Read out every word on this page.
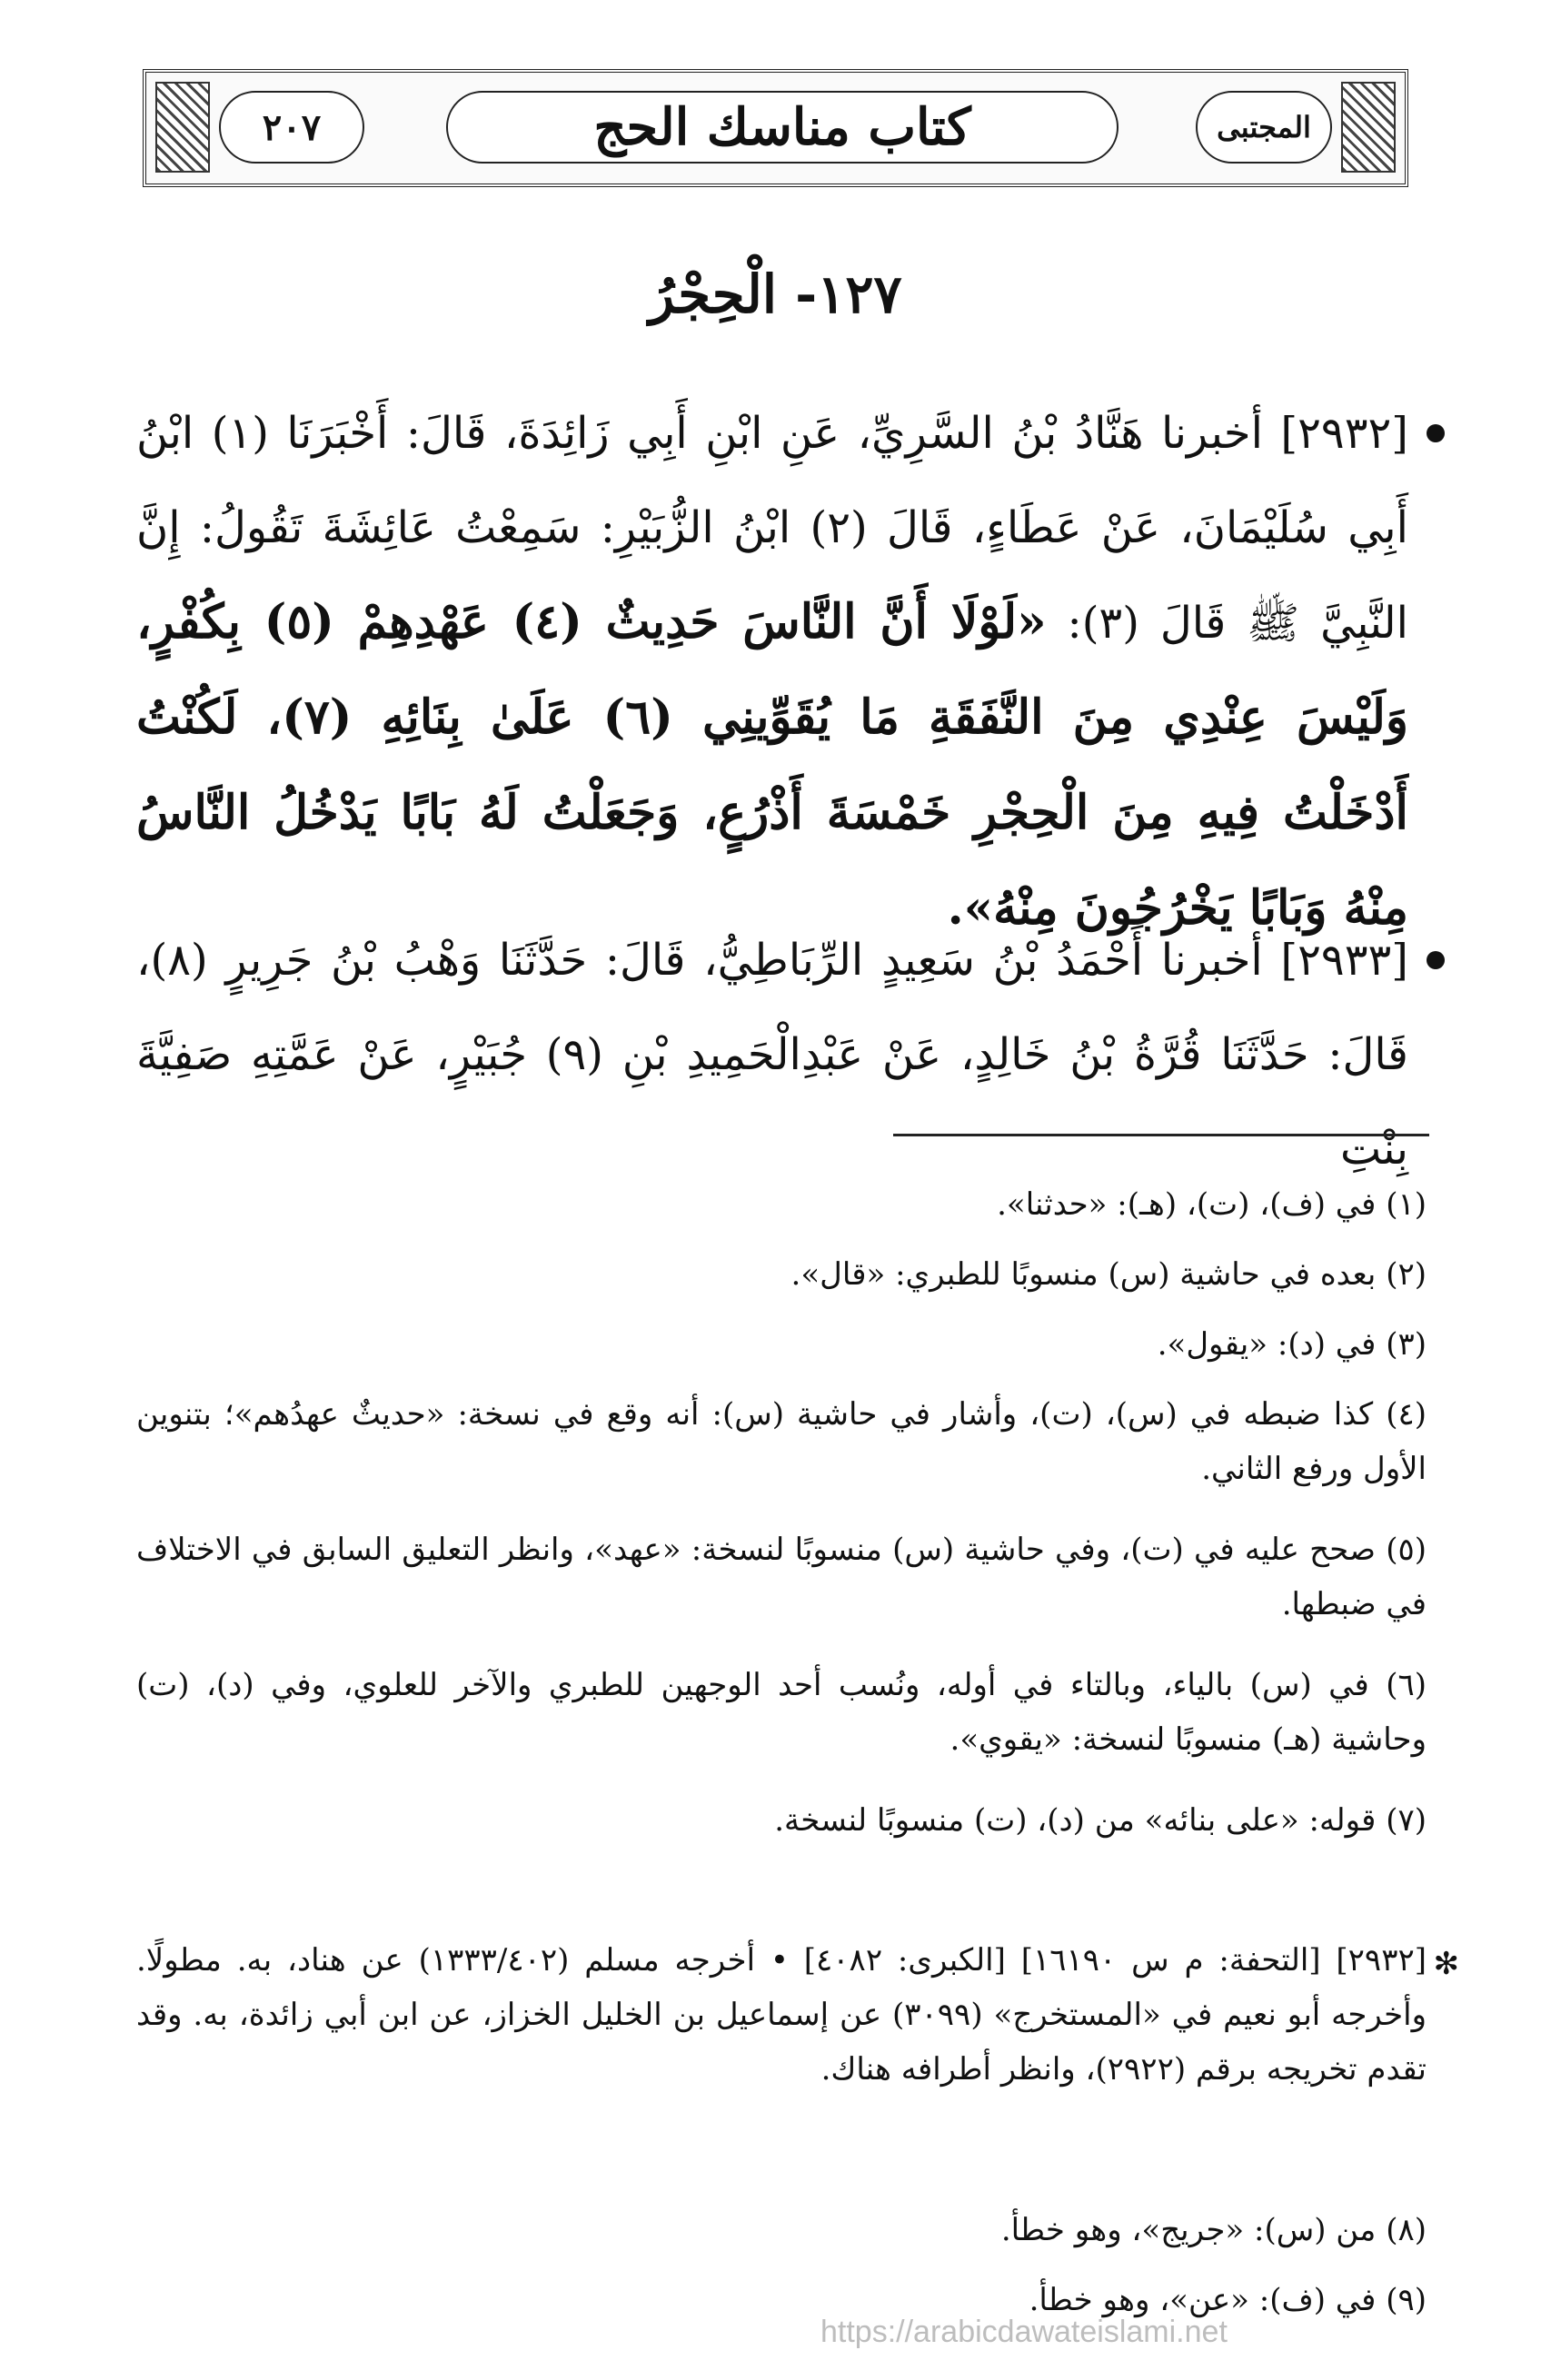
٢٠٧	كتاب مناسك الحج	المجتبى
١٢٧- الْحِجْرُ
[٢٩٣٢] أخبرنا هَنَّادُ بْنُ السَّرِيِّ، عَنِ ابْنِ أَبِي زَائِدَةَ، قَالَ: أَخْبَرَنَا (١) ابْنُ أَبِي سُلَيْمَانَ، عَنْ عَطَاءٍ، قَالَ (٢) ابْنُ الزُّبَيْرِ: سَمِعْتُ عَائِشَةَ تَقُولُ: إِنَّ النَّبِيَّ ﷺ قَالَ (٣): «لَوْلَا أَنَّ النَّاسَ حَدِيثٌ (٤) عَهْدِهِمْ (٥) بِكُفْرٍ، وَلَيْسَ عِنْدِي مِنَ النَّفَقَةِ مَا يُقَوِّينِي (٦) عَلَىٰ بِنَائِهِ (٧)، لَكُنْتُ أَدْخَلْتُ فِيهِ مِنَ الْحِجْرِ خَمْسَةَ أَذْرُعٍ، وَجَعَلْتُ لَهُ بَابًا يَدْخُلُ النَّاسُ مِنْهُ وَبَابًا يَخْرُجُونَ مِنْهُ».
[٢٩٣٣] أخبرنا أَحْمَدُ بْنُ سَعِيدٍ الرِّبَاطِيُّ، قَالَ: حَدَّثَنَا وَهْبُ بْنُ جَرِيرٍ (٨)، قَالَ: حَدَّثَنَا قُرَّةُ بْنُ خَالِدٍ، عَنْ عَبْدِالْحَمِيدِ بْنِ (٩) جُبَيْرٍ، عَنْ عَمَّتِهِ صَفِيَّةَ بِنْتِ
(١) في (ف)، (ت)، (هـ): «حدثنا».
(٢) بعده في حاشية (س) منسوبًا للطبري: «قال».
(٣) في (د): «يقول».
(٤) كذا ضبطه في (س)، (ت)، وأشار في حاشية (س): أنه وقع في نسخة: «حديثٌ عهدُهم»؛ بتنوين الأول ورفع الثاني.
(٥) صحح عليه في (ت)، وفي حاشية (س) منسوبًا لنسخة: «عهد»، وانظر التعليق السابق في الاختلاف في ضبطها.
(٦) في (س) بالياء، وبالتاء في أوله، ونُسب أحد الوجهين للطبري والآخر للعلوي، وفي (د)، (ت) وحاشية (هـ) منسوبًا لنسخة: «يقوي».
(٧) قوله: «على بنائه» من (د)، (ت) منسوبًا لنسخة.
✻
[٢٩٣٢] [التحفة: م س ١٦١٩٠] [الكبرى: ٤٠٨٢] • أخرجه مسلم (١٣٣٣/٤٠٢) عن هناد، به. مطولًا. وأخرجه أبو نعيم في «المستخرج» (٣٠٩٩) عن إسماعيل بن الخليل الخزاز، عن ابن أبي زائدة، به. وقد تقدم تخريجه برقم (٢٩٢٢)، وانظر أطرافه هناك.
(٨) من (س): «جريج»، وهو خطأ.
(٩) في (ف): «عن»، وهو خطأ.
https://arabicdawateislami.net
